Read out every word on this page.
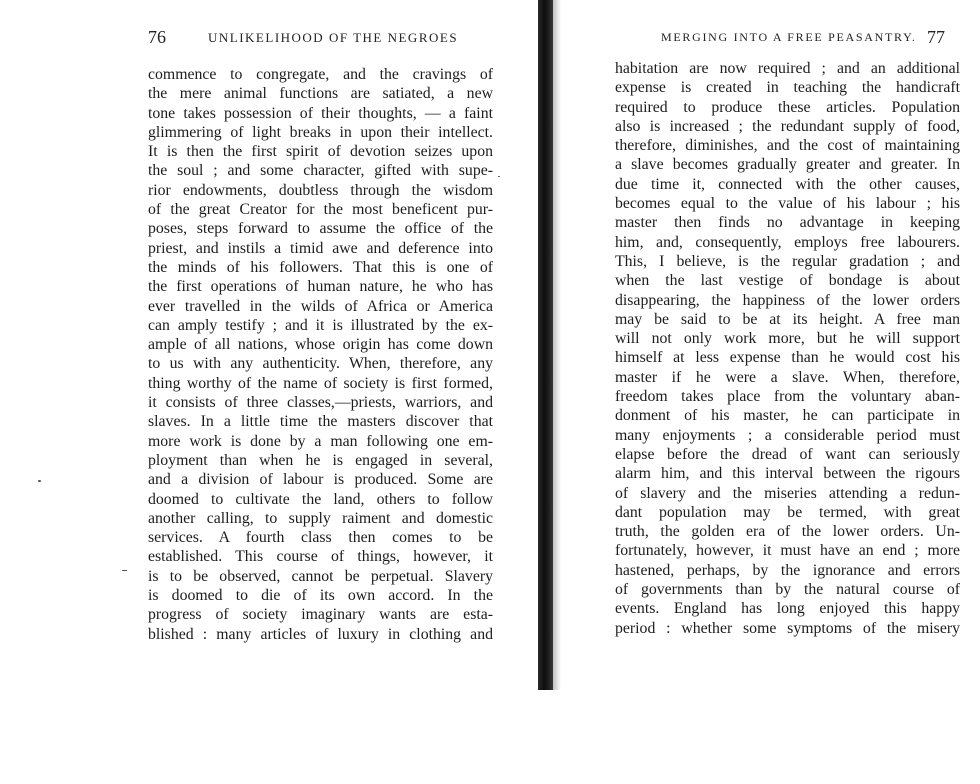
76	UNLIKELIHOOD OF THE NEGROES
commence to congregate, and the cravings of
the mere animal functions are satiated, a new
tone takes possession of their thoughts, — a faint
glimmering of light breaks in upon their intellect.
It is then the first spirit of devotion seizes upon
the soul ; and some character, gifted with supe-
rior endowments, doubtless through the wisdom
of the great Creator for the most beneficent pur-
poses, steps forward to assume the office of the
priest, and instils a timid awe and deference into
the minds of his followers. That this is one of
the first operations of human nature, he who has
ever travelled in the wilds of Africa or America
can amply testify ; and it is illustrated by the ex-
ample of all nations, whose origin has come down
to us with any authenticity. When, therefore, any
thing worthy of the name of society is first formed,
it consists of three classes,—priests, warriors, and
slaves. In a little time the masters discover that
more work is done by a man following one em-
ployment than when he is engaged in several,
and a division of labour is produced. Some are
doomed to cultivate the land, others to follow
another calling, to supply raiment and domestic
services. A fourth class then comes to be
established. This course of things, however, it
is to be observed, cannot be perpetual. Slavery
is doomed to die of its own accord. In the
progress of society imaginary wants are esta-
blished : many articles of luxury in clothing and
MERGING INTO A FREE PEASANTRY. 77
habitation are now required ; and an additional
expense is created in teaching the handicraft
required to produce these articles. Population
also is increased ; the redundant supply of food,
therefore, diminishes, and the cost of maintaining
a slave becomes gradually greater and greater. In
due time it, connected with the other causes,
becomes equal to the value of his labour ; his
master then finds no advantage in keeping
him, and, consequently, employs free labourers.
This, I believe, is the regular gradation ; and
when the last vestige of bondage is about
disappearing, the happiness of the lower orders
may be said to be at its height. A free man
will not only work more, but he will support
himself at less expense than he would cost his
master if he were a slave. When, therefore,
freedom takes place from the voluntary aban-
donment of his master, he can participate in
many enjoyments ; a considerable period must
elapse before the dread of want can seriously
alarm him, and this interval between the rigours
of slavery and the miseries attending a redun-
dant population may be termed, with great
truth, the golden era of the lower orders. Un-
fortunately, however, it must have an end ; more
hastened, perhaps, by the ignorance and errors
of governments than by the natural course of
events. England has long enjoyed this happy
period : whether some symptoms of the misery
